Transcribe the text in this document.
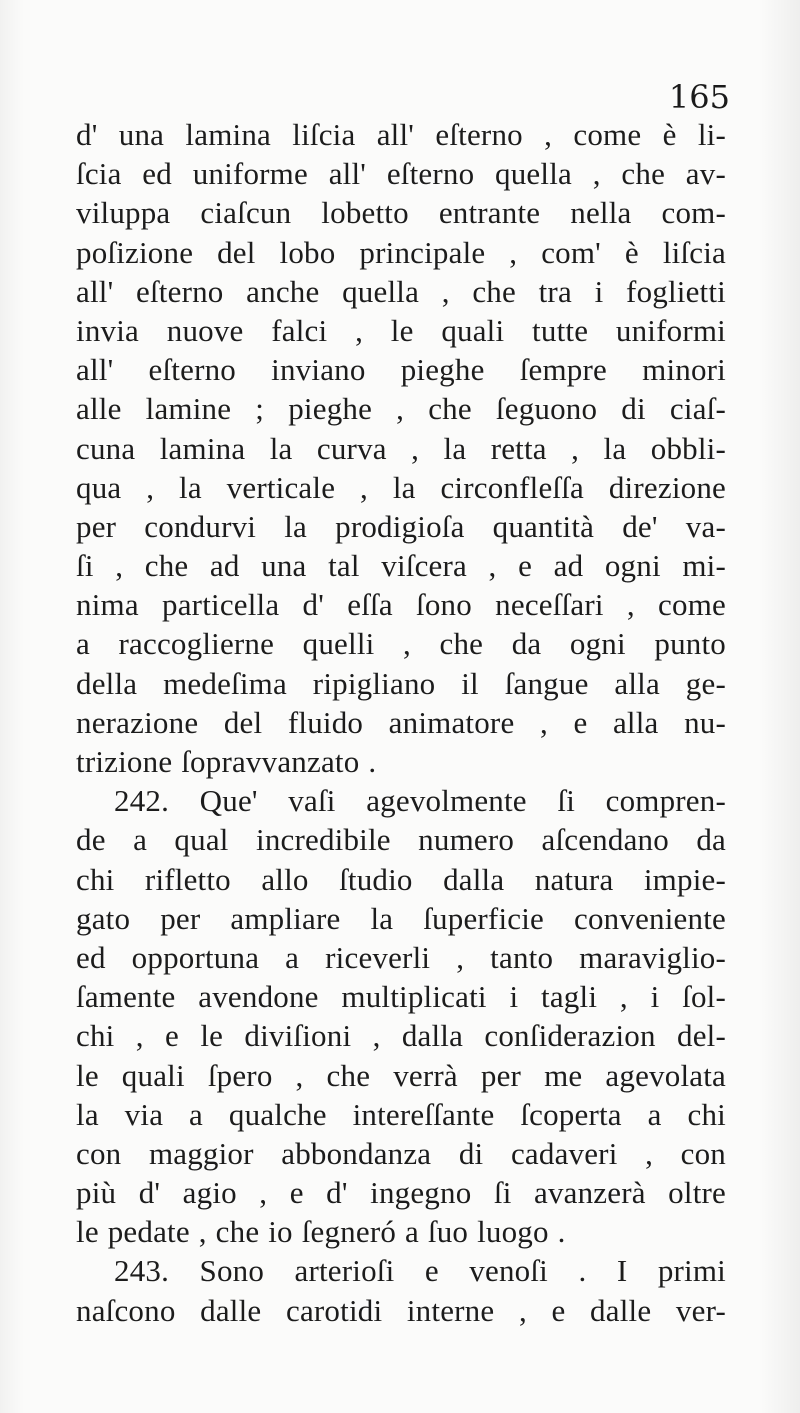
165
d' una lamina liſcia all' eſterno , come è li-
ſcia ed uniforme all' eſterno quella , che av-
viluppa ciaſcun lobetto entrante nella com-
poſizione del lobo principale , com' è liſcia
all' eſterno anche quella , che tra i foglietti
invia nuove falci , le quali tutte uniformi
all' eſterno inviano pieghe ſempre minori
alle lamine ; pieghe , che ſeguono di ciaſ-
cuna lamina la curva , la retta , la obbli-
qua , la verticale , la circonfleſſa direzione
per condurvi la prodigioſa quantità de' va-
ſi , che ad una tal viſcera , e ad ogni mi-
nima particella d' eſſa ſono neceſſari , come
a raccoglierne quelli , che da ogni punto
della medeſima ripigliano il ſangue alla ge-
nerazione del fluido animatore , e alla nu-
trizione ſopravvanzato .
242. Que' vaſi agevolmente ſi compren-
de a qual incredibile numero aſcendano da
chi rifletto allo ſtudio dalla natura impie-
gato per ampliare la ſuperficie conveniente
ed opportuna a riceverli , tanto maraviglio-
ſamente avendone multiplicati i tagli , i ſol-
chi , e le diviſioni , dalla conſiderazion del-
le quali ſpero , che verrà per me agevolata
la via a qualche intereſſante ſcoperta a chi
con maggior abbondanza di cadaveri , con
più d' agio , e d' ingegno ſi avanzerà oltre
le pedate , che io ſegneró a ſuo luogo .
243. Sono arterioſi e venoſi . I primi
naſcono dalle carotidi interne , e dalle ver-
